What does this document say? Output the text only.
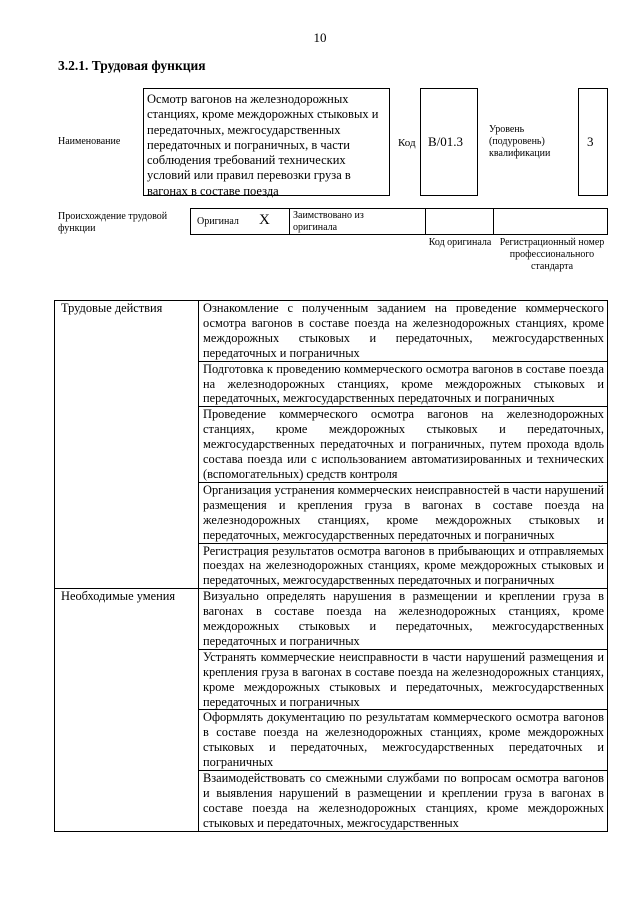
10
3.2.1. Трудовая функция
Наименование
Осмотр вагонов на железнодорожных станциях, кроме междорожных стыковых и передаточных, межгосударственных передаточных и пограничных, в части соблюдения требований технических условий или правил перевозки груза в вагонах в составе поезда
Код B/01.3
Уровень (подуровень) квалификации
3
Происхождение трудовой функции
Оригинал X Заимствовано из оригинала
Код оригинала Регистрационный номер профессионального стандарта
Трудовые действия	Ознакомление с полученным заданием на проведение коммерческого осмотра вагонов в составе поезда на железнодорожных станциях, кроме междорожных стыковых и передаточных, межгосударственных передаточных и пограничных
	Подготовка к проведению коммерческого осмотра вагонов в составе поезда на железнодорожных станциях, кроме междорожных стыковых и передаточных, межгосударственных передаточных и пограничных
	Проведение коммерческого осмотра вагонов на железнодорожных станциях, кроме междорожных стыковых и передаточных, межгосударственных передаточных и пограничных, путем прохода вдоль состава поезда или с использованием автоматизированных и технических (вспомогательных) средств контроля
	Организация устранения коммерческих неисправностей в части нарушений размещения и крепления груза в вагонах в составе поезда на железнодорожных станциях, кроме междорожных стыковых и передаточных, межгосударственных передаточных и пограничных
	Регистрация результатов осмотра вагонов в прибывающих и отправляемых поездах на железнодорожных станциях, кроме междорожных стыковых и передаточных, межгосударственных передаточных и пограничных
Необходимые умения	Визуально определять нарушения в размещении и креплении груза в вагонах в составе поезда на железнодорожных станциях, кроме междорожных стыковых и передаточных, межгосударственных передаточных и пограничных
	Устранять коммерческие неисправности в части нарушений размещения и крепления груза в вагонах в составе поезда на железнодорожных станциях, кроме междорожных стыковых и передаточных, межгосударственных передаточных и пограничных
	Оформлять документацию по результатам коммерческого осмотра вагонов в составе поезда на железнодорожных станциях, кроме междорожных стыковых и передаточных, межгосударственных передаточных и пограничных
	Взаимодействовать со смежными службами по вопросам осмотра вагонов и выявления нарушений в размещении и креплении груза в вагонах в составе поезда на железнодорожных станциях, кроме междорожных стыковых и передаточных, межгосударственных
